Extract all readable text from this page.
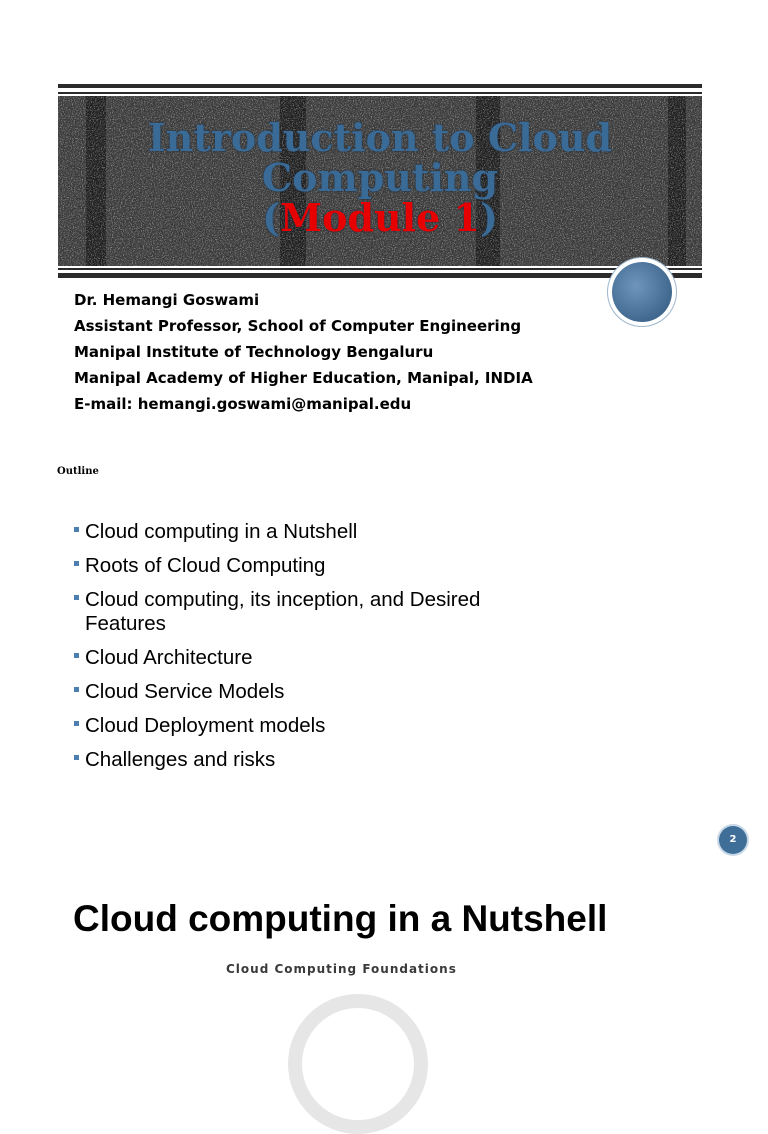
Introduction to Cloud
Computing
(Module 1)
Dr. Hemangi Goswami
Assistant Professor, School of Computer Engineering
Manipal Institute of Technology Bengaluru
Manipal Academy of Higher Education, Manipal, INDIA
E-mail: hemangi.goswami@manipal.edu
Outline
Cloud computing in a Nutshell
Roots of Cloud Computing
Cloud computing, its inception, and Desired Features
Cloud Architecture
Cloud Service Models
Cloud Deployment models
Challenges and risks
2
Cloud computing in a Nutshell
Cloud Computing Foundations
